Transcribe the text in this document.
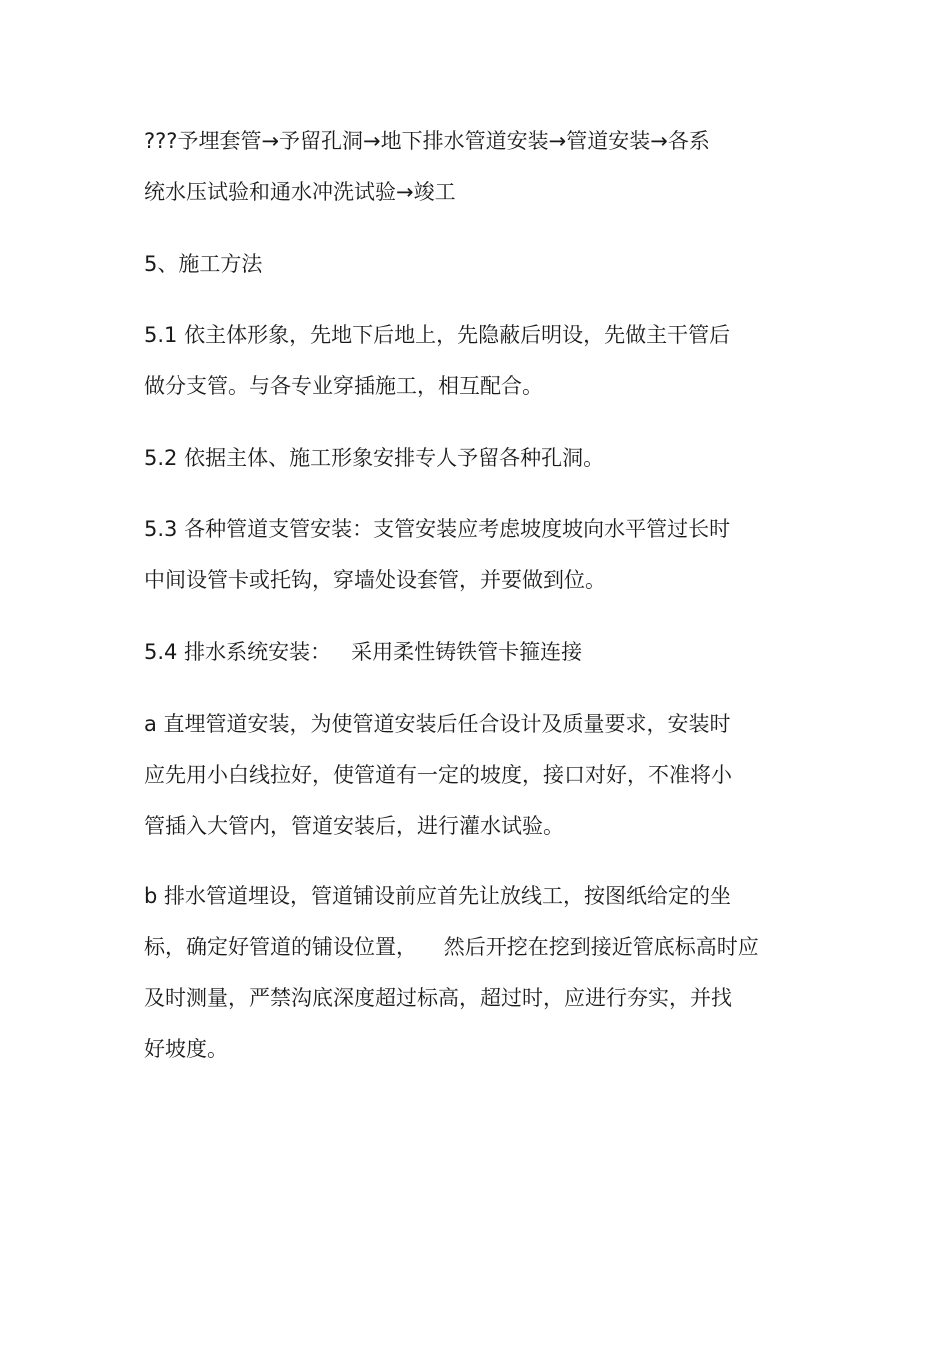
???予埋套管→予留孔洞→地下排水管道安装→管道安装→各系
统水压试验和通水冲洗试验→竣工
5、施工方法
5.1 依主体形象，先地下后地上，先隐蔽后明设，先做主干管后
做分支管。与各专业穿插施工，相互配合。
5.2 依据主体、施工形象安排专人予留各种孔洞。
5.3 各种管道支管安装：支管安装应考虑坡度坡向水平管过长时
中间设管卡或托钩，穿墙处设套管，并要做到位。
5.4 排水系统安装：   采用柔性铸铁管卡箍连接
a 直埋管道安装，为使管道安装后任合设计及质量要求，安装时
应先用小白线拉好，使管道有一定的坡度，接口对好，不准将小
管插入大管内，管道安装后，进行灌水试验。
b 排水管道埋设，管道铺设前应首先让放线工，按图纸给定的坐
标，确定好管道的铺设位置，    然后开挖在挖到接近管底标高时应
及时测量，严禁沟底深度超过标高，超过时，应进行夯实，并找
好坡度。
